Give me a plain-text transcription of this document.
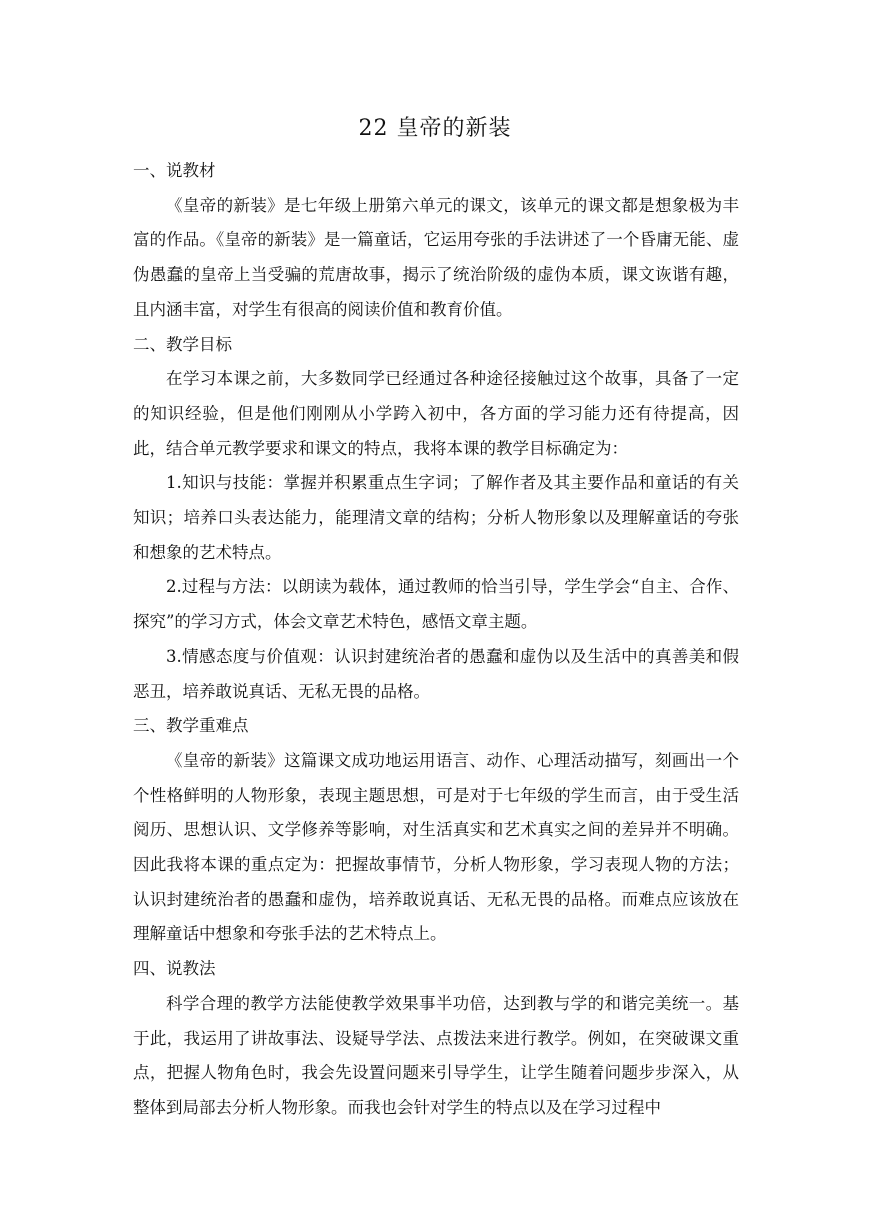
22 皇帝的新装
一、说教材

《皇帝的新装》是七年级上册第六单元的课文，该单元的课文都是想象极为丰富的作品。《皇帝的新装》是一篇童话，它运用夸张的手法讲述了一个昏庸无能、虚伪愚蠢的皇帝上当受骗的荒唐故事，揭示了统治阶级的虚伪本质，课文诙谐有趣，且内涵丰富，对学生有很高的阅读价值和教育价值。

二、教学目标

在学习本课之前，大多数同学已经通过各种途径接触过这个故事，具备了一定的知识经验，但是他们刚刚从小学跨入初中，各方面的学习能力还有待提高，因此，结合单元教学要求和课文的特点，我将本课的教学目标确定为：

1.知识与技能：掌握并积累重点生字词；了解作者及其主要作品和童话的有关知识；培养口头表达能力，能理清文章的结构；分析人物形象以及理解童话的夸张和想象的艺术特点。

2.过程与方法：以朗读为载体，通过教师的恰当引导，学生学会“自主、合作、探究”的学习方式，体会文章艺术特色，感悟文章主题。

3.情感态度与价值观：认识封建统治者的愚蠢和虚伪以及生活中的真善美和假恶丑，培养敢说真话、无私无畏的品格。

三、教学重难点

《皇帝的新装》这篇课文成功地运用语言、动作、心理活动描写，刻画出一个个性格鲜明的人物形象，表现主题思想，可是对于七年级的学生而言，由于受生活阅历、思想认识、文学修养等影响，对生活真实和艺术真实之间的差异并不明确。因此我将本课的重点定为：把握故事情节，分析人物形象，学习表现人物的方法；认识封建统治者的愚蠢和虚伪，培养敢说真话、无私无畏的品格。而难点应该放在理解童话中想象和夸张手法的艺术特点上。

四、说教法

科学合理的教学方法能使教学效果事半功倍，达到教与学的和谐完美统一。基于此，我运用了讲故事法、设疑导学法、点拨法来进行教学。例如，在突破课文重点，把握人物角色时，我会先设置问题来引导学生，让学生随着问题步步深入，从整体到局部去分析人物形象。而我也会针对学生的特点以及在学习过程中
